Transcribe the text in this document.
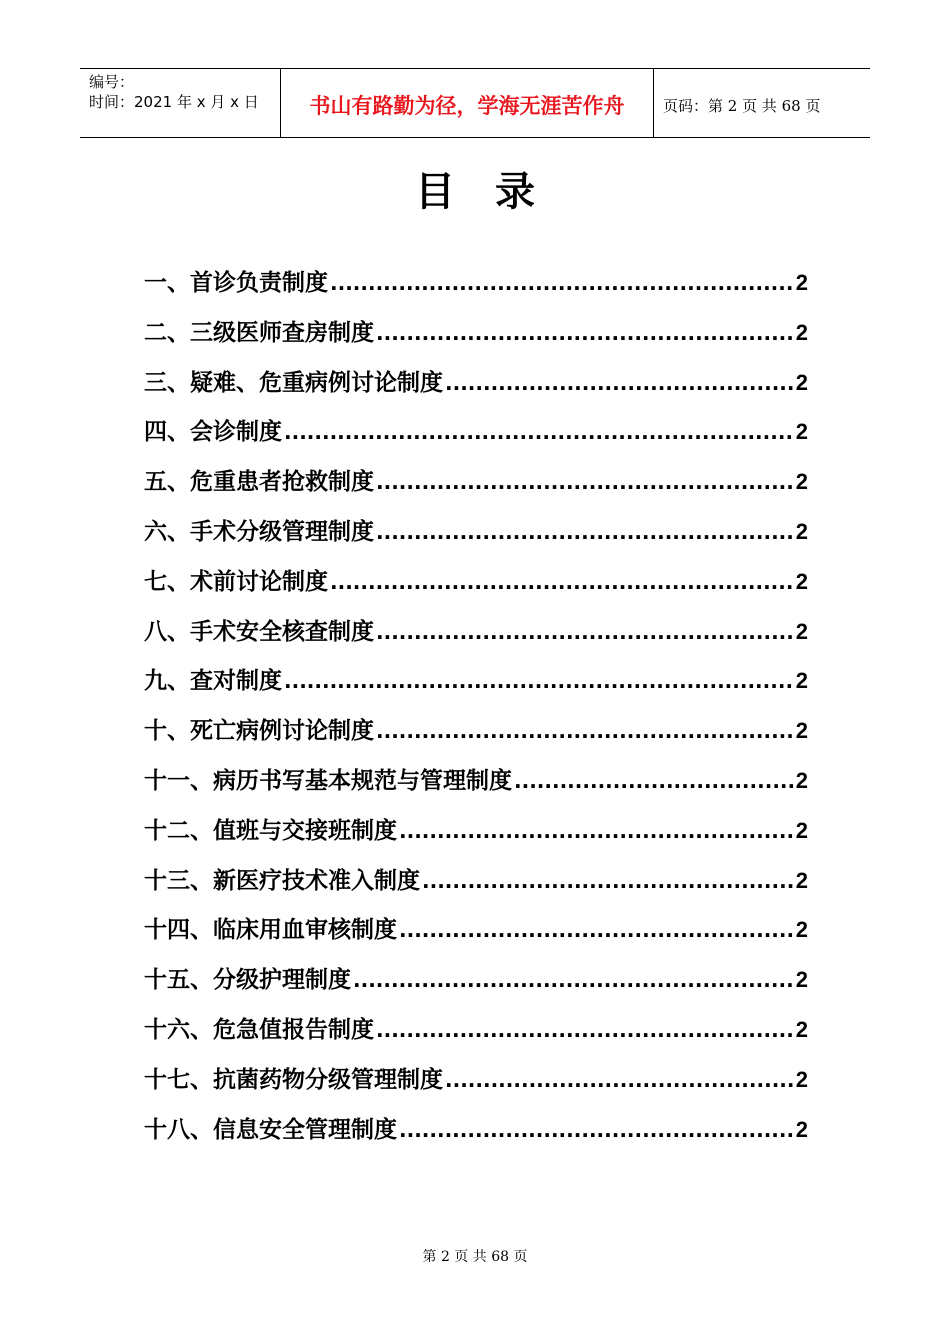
编号：
时间：2021 年 x 月 x 日	书山有路勤为径，学海无涯苦作舟	页码：第 2 页 共 68 页
目录
一、首诊负责制度 .....	2
二、三级医师查房制度 .....	2
三、疑难、危重病例讨论制度 .....	2
四、会诊制度 .....	2
五、危重患者抢救制度 .....	2
六、手术分级管理制度 .....	2
七、术前讨论制度 .....	2
八、手术安全核查制度 .....	2
九、查对制度 .....	2
十、死亡病例讨论制度 .....	2
十一、病历书写基本规范与管理制度 .....	2
十二、值班与交接班制度 .....	2
十三、新医疗技术准入制度 .....	2
十四、临床用血审核制度 .....	2
十五、分级护理制度 .....	2
十六、危急值报告制度 .....	2
十七、抗菌药物分级管理制度 .....	2
十八、信息安全管理制度 .....	2
第 2 页 共 68 页
